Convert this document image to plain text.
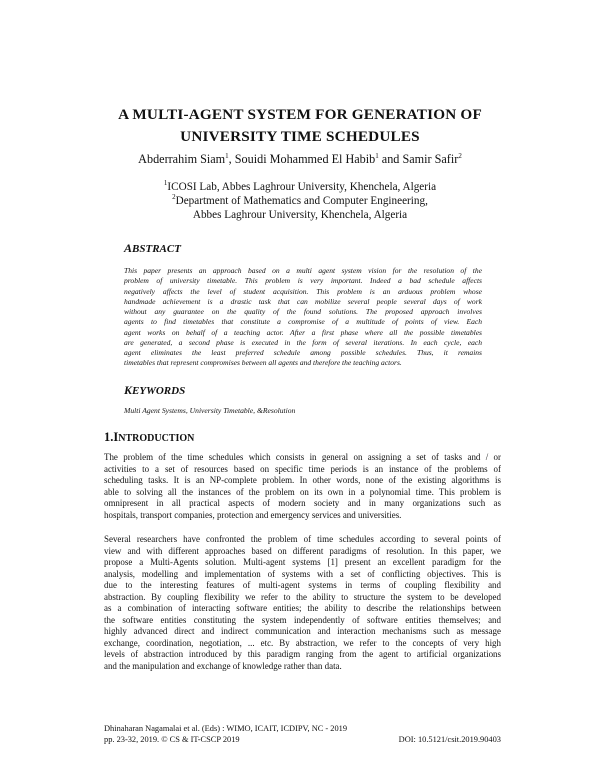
A MULTI-AGENT SYSTEM FOR GENERATION OF
UNIVERSITY TIME SCHEDULES
Abderrahim Siam$^1$, Souidi Mohammed El Habib$^1$ and Samir Safir$^2$
$^1$ICOSI Lab, Abbes Laghrour University, Khenchela, Algeria
$^2$Department of Mathematics and Computer Engineering,
Abbes Laghrour University, Khenchela, Algeria
ABSTRACT
This paper presents an approach based on a multi agent system vision for the resolution of the
problem of university timetable. This problem is very important. Indeed a bad schedule affects
negatively affects the level of student acquisition. This problem is an arduous problem whose
handmade achievement is a drastic task that can mobilize several people several days of work
without any guarantee on the quality of the found solutions. The proposed approach involves
agents to find timetables that constitute a compromise of a multitude of points of view. Each
agent works on behalf of a teaching actor. After a first phase where all the possible timetables
are generated, a second phase is executed in the form of several iterations. In each cycle, each
agent eliminates the least preferred schedule among possible schedules. Thus, it remains
timetables that represent compromises between all agents and therefore the teaching actors.
KEYWORDS
Multi Agent Systems, University Timetable, &Resolution
1.INTRODUCTION
The problem of the time schedules which consists in general on assigning a set of tasks and / or
activities to a set of resources based on specific time periods is an instance of the problems of
scheduling tasks. It is an NP-complete problem. In other words, none of the existing algorithms is
able to solving all the instances of the problem on its own in a polynomial time. This problem is
omnipresent in all practical aspects of modern society and in many organizations such as
hospitals, transport companies, protection and emergency services and universities.
Several researchers have confronted the problem of time schedules according to several points of
view and with different approaches based on different paradigms of resolution. In this paper, we
propose a Multi-Agents solution. Multi-agent systems [1] present an excellent paradigm for the
analysis, modelling and implementation of systems with a set of conflicting objectives. This is
due to the interesting features of multi-agent systems in terms of coupling flexibility and
abstraction. By coupling flexibility we refer to the ability to structure the system to be developed
as a combination of interacting software entities; the ability to describe the relationships between
the software entities constituting the system independently of software entities themselves; and
highly advanced direct and indirect communication and interaction mechanisms such as message
exchange, coordination, negotiation, ... etc. By abstraction, we refer to the concepts of very high
levels of abstraction introduced by this paradigm ranging from the agent to artificial organizations
and the manipulation and exchange of knowledge rather than data.
Dhinaharan Nagamalai et al. (Eds) : WIMO, ICAIT, ICDIPV, NC - 2019
pp. 23-32, 2019. © CS & IT-CSCP 2019	DOI: 10.5121/csit.2019.90403
